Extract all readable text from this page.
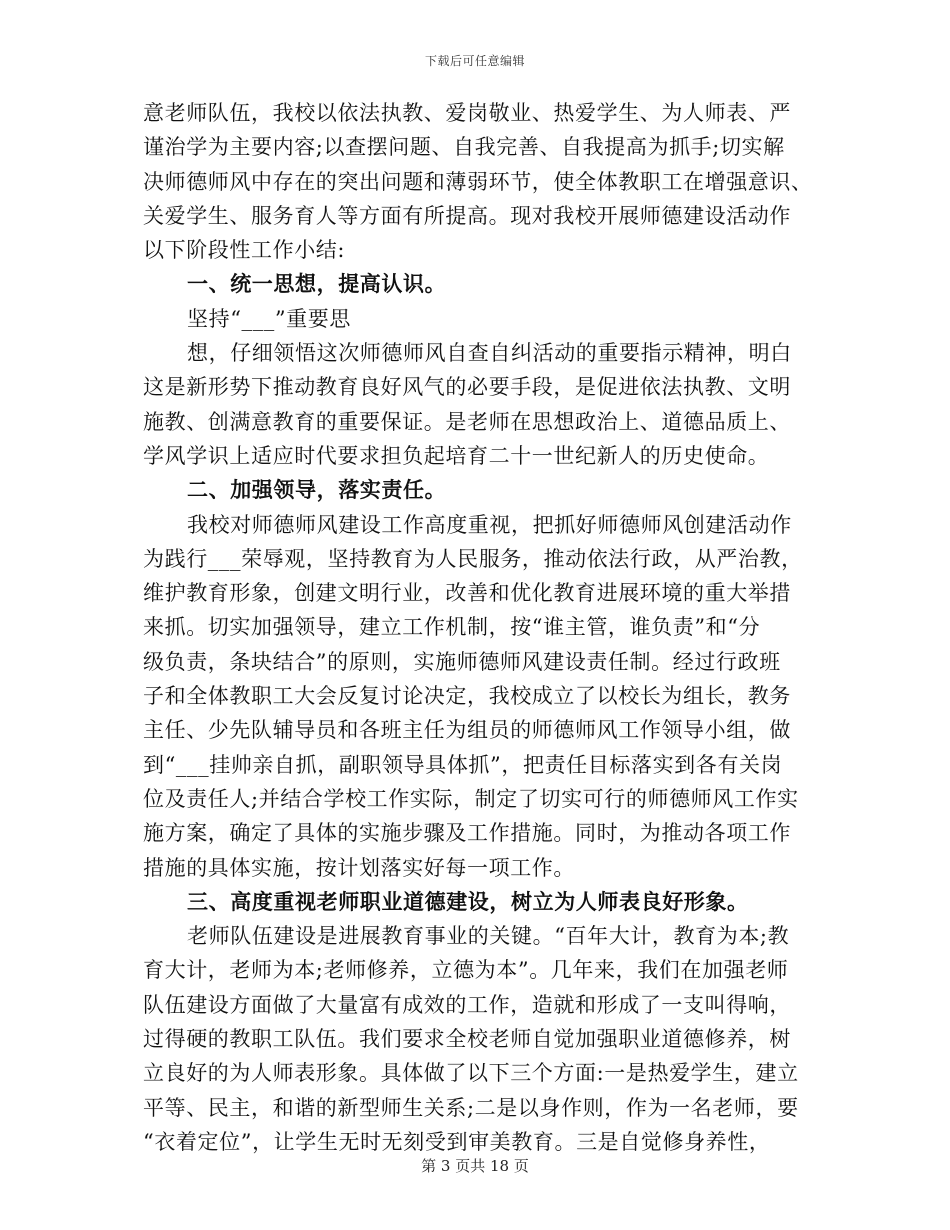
下载后可任意编辑
意老师队伍，我校以依法执教、爱岗敬业、热爱学生、为人师表、严
谨治学为主要内容;以查摆问题、自我完善、自我提高为抓手;切实解
决师德师风中存在的突出问题和薄弱环节，使全体教职工在增强意识、
关爱学生、服务育人等方面有所提高。现对我校开展师德建设活动作
以下阶段性工作小结:
一、统一思想，提高认识。
坚持“___”重要思
想，仔细领悟这次师德师风自查自纠活动的重要指示精神，明白
这是新形势下推动教育良好风气的必要手段，是促进依法执教、文明
施教、创满意教育的重要保证。是老师在思想政治上、道德品质上、
学风学识上适应时代要求担负起培育二十一世纪新人的历史使命。
二、加强领导，落实责任。
我校对师德师风建设工作高度重视，把抓好师德师风创建活动作
为践行___荣辱观，坚持教育为人民服务，推动依法行政，从严治教，
维护教育形象，创建文明行业，改善和优化教育进展环境的重大举措
来抓。切实加强领导，建立工作机制，按“谁主管，谁负责”和“分
级负责，条块结合”的原则，实施师德师风建设责任制。经过行政班
子和全体教职工大会反复讨论决定，我校成立了以校长为组长，教务
主任、少先队辅导员和各班主任为组员的师德师风工作领导小组，做
到“___挂帅亲自抓，副职领导具体抓”，把责任目标落实到各有关岗
位及责任人;并结合学校工作实际，制定了切实可行的师德师风工作实
施方案，确定了具体的实施步骤及工作措施。同时，为推动各项工作
措施的具体实施，按计划落实好每一项工作。
三、高度重视老师职业道德建设，树立为人师表良好形象。
老师队伍建设是进展教育事业的关键。“百年大计，教育为本;教
育大计，老师为本;老师修养，立德为本”。几年来，我们在加强老师
队伍建设方面做了大量富有成效的工作，造就和形成了一支叫得响，
过得硬的教职工队伍。我们要求全校老师自觉加强职业道德修养，树
立良好的为人师表形象。具体做了以下三个方面:一是热爱学生，建立
平等、民主，和谐的新型师生关系;二是以身作则，作为一名老师，要
“衣着定位”，让学生无时无刻受到审美教育。三是自觉修身养性，
第 3 页共 18 页
